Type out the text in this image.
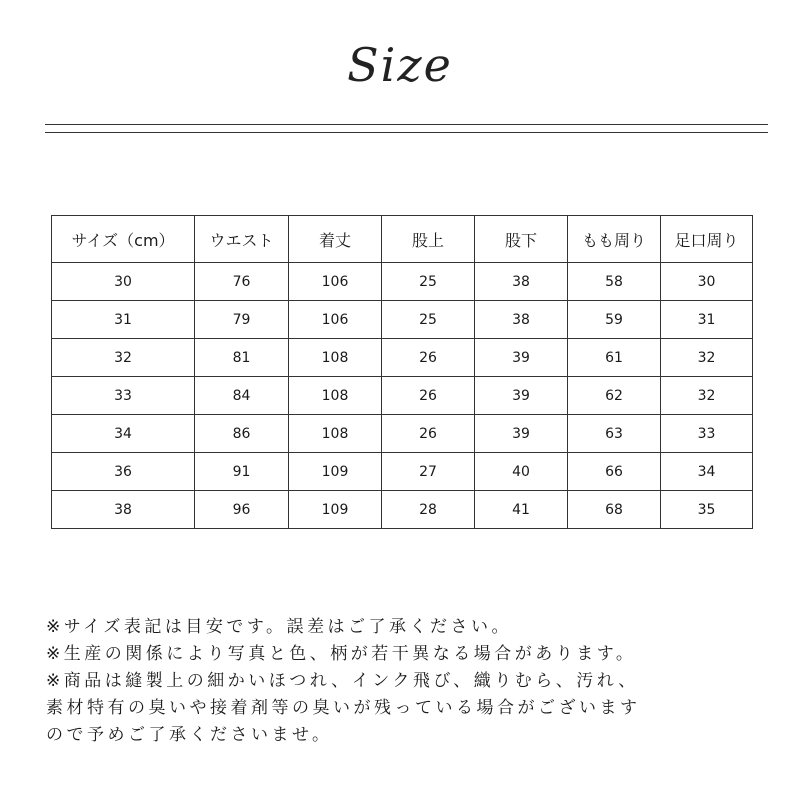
Size
サイズ（cm）	ウエスト	着丈	股上	股下	もも周り	足口周り
30	76	106	25	38	58	30
31	79	106	25	38	59	31
32	81	108	26	39	61	32
33	84	108	26	39	62	32
34	86	108	26	39	63	33
36	91	109	27	40	66	34
38	96	109	28	41	68	35
※サイズ表記は目安です。誤差はご了承ください。
※生産の関係により写真と色、柄が若干異なる場合があります。
※商品は縫製上の細かいほつれ、インク飛び、織りむら、汚れ、
素材特有の臭いや接着剤等の臭いが残っている場合がございます
ので予めご了承くださいませ。
